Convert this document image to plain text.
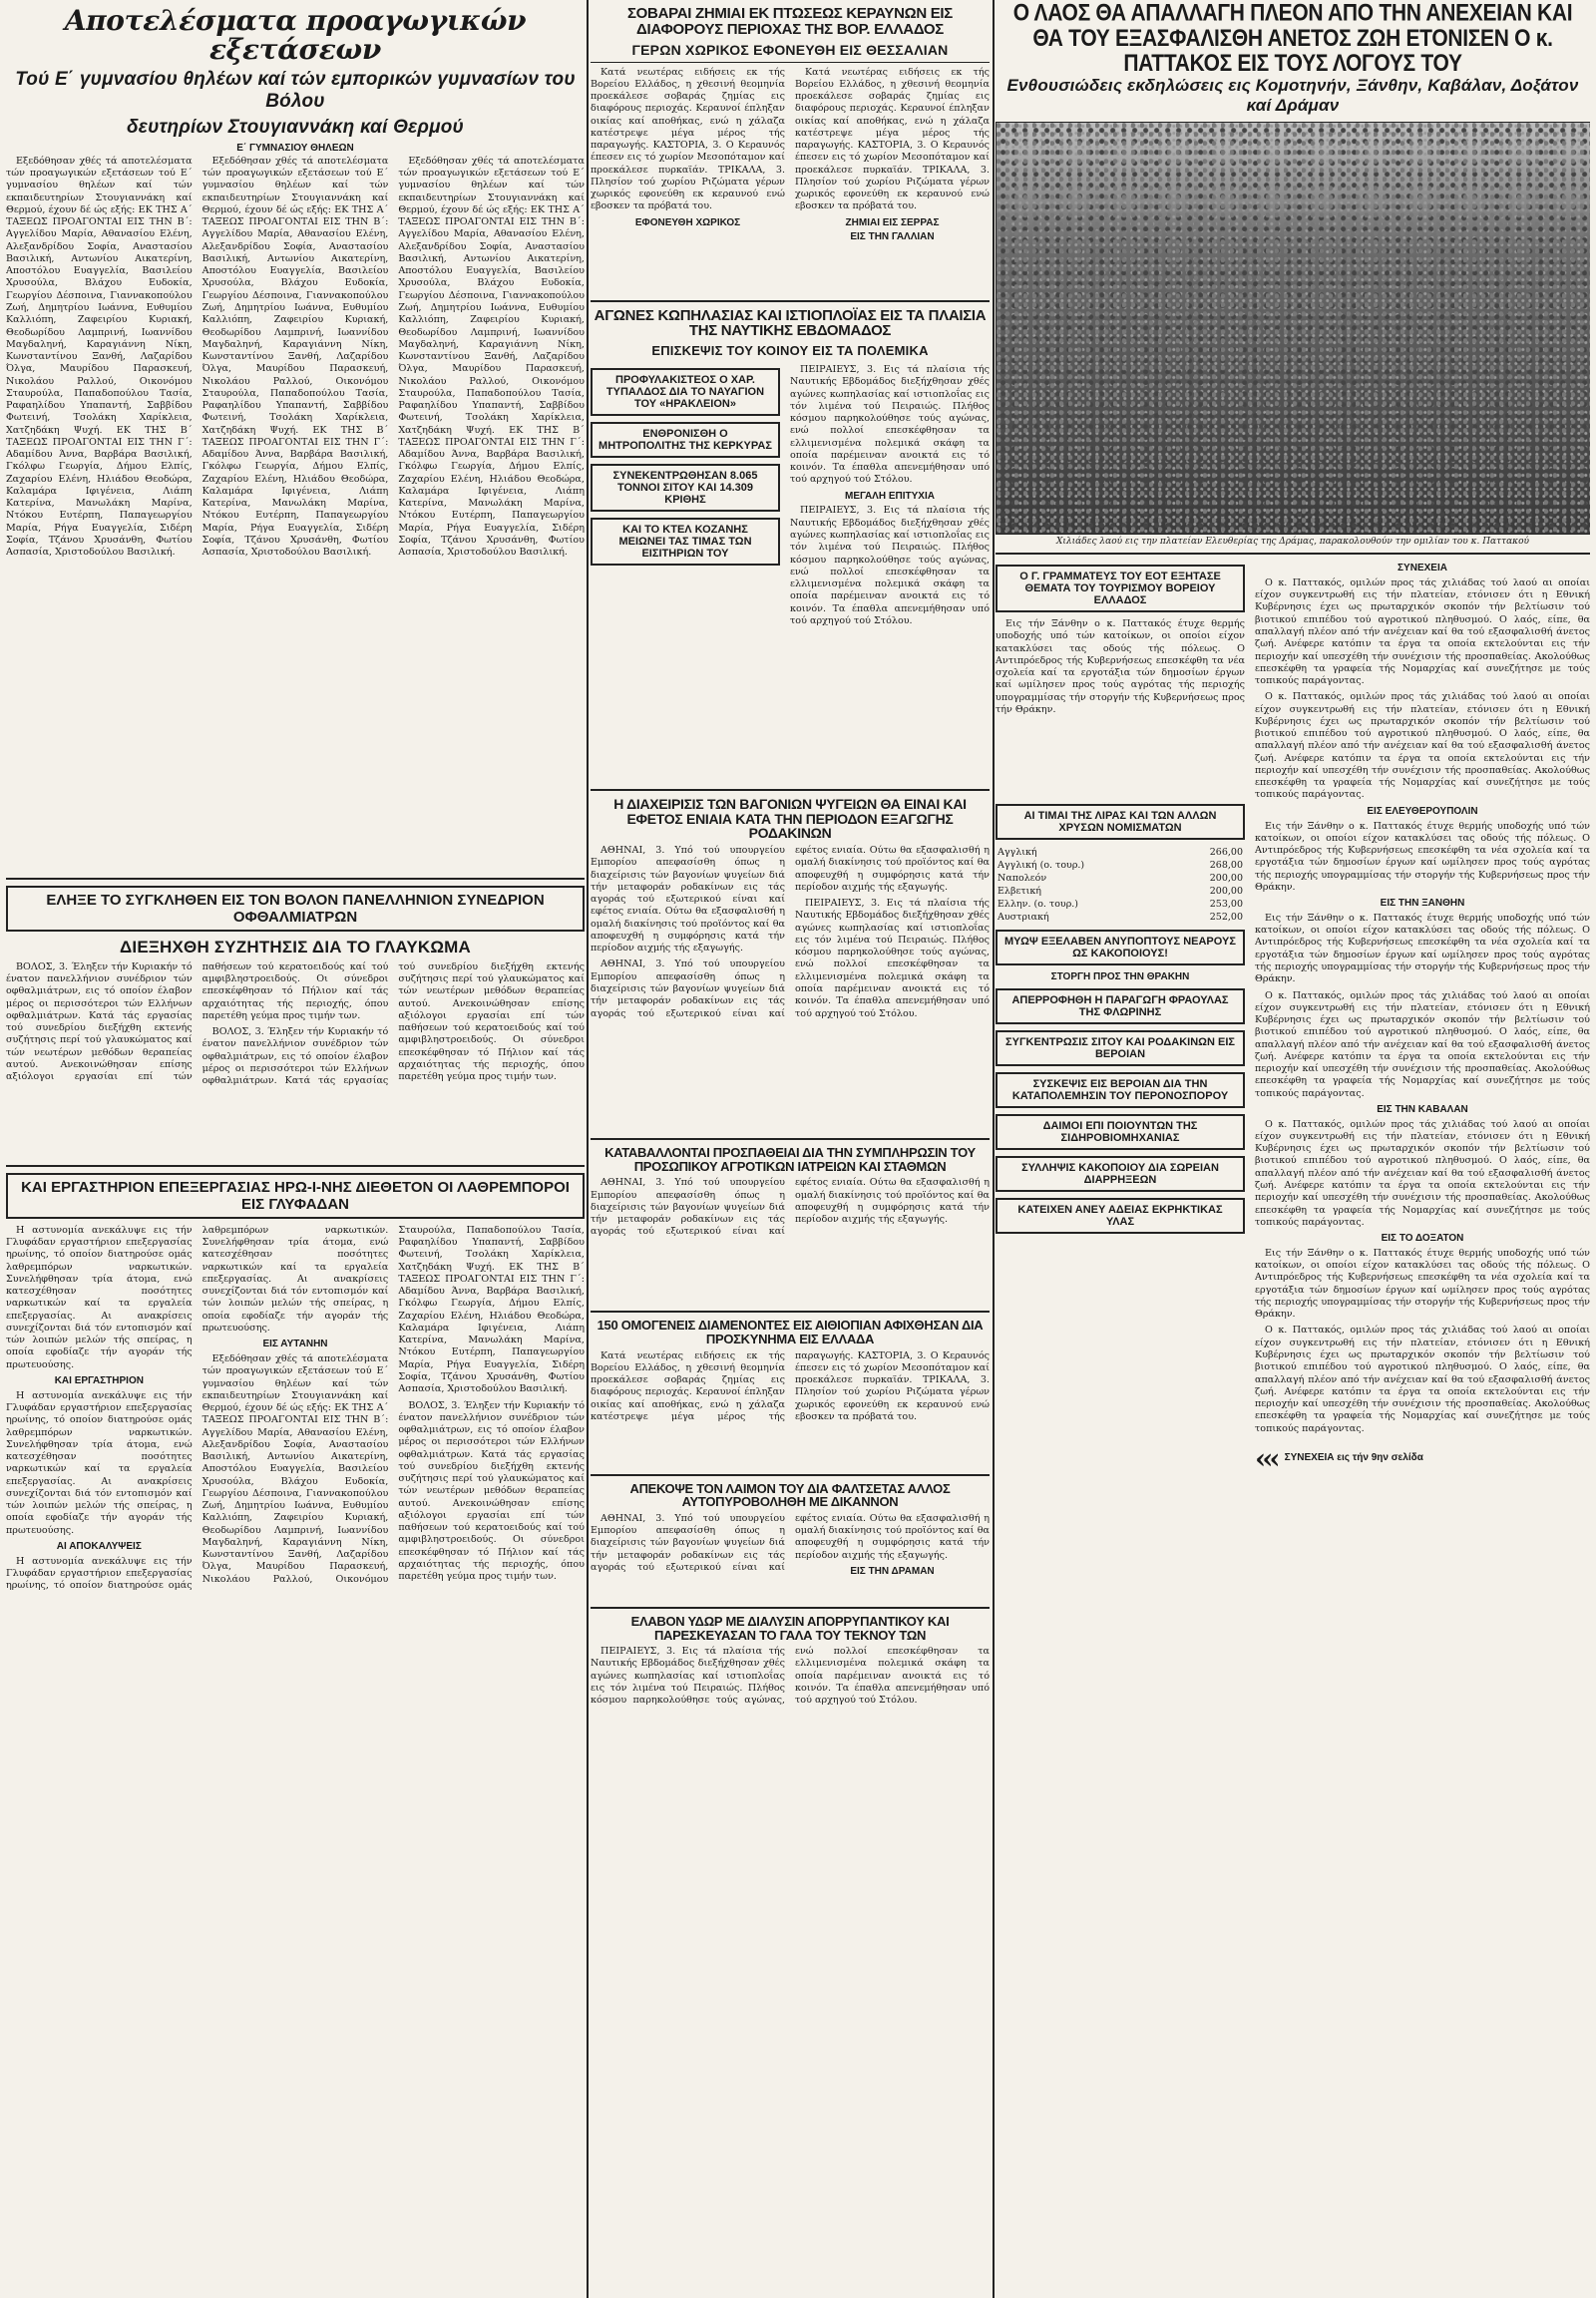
Αποτελέσματα προαγωγικών εξετάσεων
Τού Ε΄ γυμνασίου θηλέων καί τών εμπορικών γυμνασίων του Βόλου
δευτηρίων Στουγιαννάκη καί Θερμού
Ε΄ ΓΥΜΝΑΣΙΟΥ ΘΗΛΕΩΝ

Εξεδόθησαν χθές τά αποτελέσματα τών προαγωγικών εξετάσεων τού Ε΄ γυμνασίου θηλέων καί τών εκπαιδευτηρίων Στουγιαννάκη καί Θερμού, έχουν δέ ώς εξής: ΕΚ ΤΗΣ Α΄ ΤΑΞΕΩΣ ΠΡΟΑΓΟΝΤΑΙ ΕΙΣ ΤΗΝ Β΄: Αγγελίδου Μαρία, Αθανασίου Ελένη, Αλεξανδρίδου Σοφία, Αναστασίου Βασιλική, Αντωνίου Αικατερίνη, Αποστόλου Ευαγγελία, Βασιλείου Χρυσούλα, Βλάχου Ευδοκία, Γεωργίου Δέσποινα, Γιαννακοπούλου Ζωή, Δημητρίου Ιωάννα, Ευθυμίου Καλλιόπη, Ζαφειρίου Κυριακή, Θεοδωρίδου Λαμπρινή, Ιωαννίδου Μαγδαληνή, Καραγιάννη Νίκη, Κωνσταντίνου Ξανθή, Λαζαρίδου Όλγα, Μαυρίδου Παρασκευή, Νικολάου Ραλλού, Οικονόμου Σταυρούλα, Παπαδοπούλου Τασία, Ραφαηλίδου Υπαπαντή, Σαββίδου Φωτεινή, Τσολάκη Χαρίκλεια, Χατζηδάκη Ψυχή. ΕΚ ΤΗΣ Β΄ ΤΑΞΕΩΣ ΠΡΟΑΓΟΝΤΑΙ ΕΙΣ ΤΗΝ Γ΄: Αδαμίδου Άννα, Βαρβάρα Βασιλική, Γκόλφω Γεωργία, Δήμου Ελπίς, Ζαχαρίου Ελένη, Ηλιάδου Θεοδώρα, Καλαμάρα Ιφιγένεια, Λιάπη Κατερίνα, Μανωλάκη Μαρίνα, Ντόκου Ευτέρπη, Παπαγεωργίου Μαρία, Ρήγα Ευαγγελία, Σιδέρη Σοφία, Τζάνου Χρυσάνθη, Φωτίου Ασπασία, Χριστοδούλου Βασιλική.

Εξεδόθησαν χθές τά αποτελέσματα τών προαγωγικών εξετάσεων τού Ε΄ γυμνασίου θηλέων καί τών εκπαιδευτηρίων Στουγιαννάκη καί Θερμού, έχουν δέ ώς εξής: ΕΚ ΤΗΣ Α΄ ΤΑΞΕΩΣ ΠΡΟΑΓΟΝΤΑΙ ΕΙΣ ΤΗΝ Β΄: Αγγελίδου Μαρία, Αθανασίου Ελένη, Αλεξανδρίδου Σοφία, Αναστασίου Βασιλική, Αντωνίου Αικατερίνη, Αποστόλου Ευαγγελία, Βασιλείου Χρυσούλα, Βλάχου Ευδοκία, Γεωργίου Δέσποινα, Γιαννακοπούλου Ζωή, Δημητρίου Ιωάννα, Ευθυμίου Καλλιόπη, Ζαφειρίου Κυριακή, Θεοδωρίδου Λαμπρινή, Ιωαννίδου Μαγδαληνή, Καραγιάννη Νίκη, Κωνσταντίνου Ξανθή, Λαζαρίδου Όλγα, Μαυρίδου Παρασκευή, Νικολάου Ραλλού, Οικονόμου Σταυρούλα, Παπαδοπούλου Τασία, Ραφαηλίδου Υπαπαντή, Σαββίδου Φωτεινή, Τσολάκη Χαρίκλεια, Χατζηδάκη Ψυχή. ΕΚ ΤΗΣ Β΄ ΤΑΞΕΩΣ ΠΡΟΑΓΟΝΤΑΙ ΕΙΣ ΤΗΝ Γ΄: Αδαμίδου Άννα, Βαρβάρα Βασιλική, Γκόλφω Γεωργία, Δήμου Ελπίς, Ζαχαρίου Ελένη, Ηλιάδου Θεοδώρα, Καλαμάρα Ιφιγένεια, Λιάπη Κατερίνα, Μανωλάκη Μαρίνα, Ντόκου Ευτέρπη, Παπαγεωργίου Μαρία, Ρήγα Ευαγγελία, Σιδέρη Σοφία, Τζάνου Χρυσάνθη, Φωτίου Ασπασία, Χριστοδούλου Βασιλική.

Εξεδόθησαν χθές τά αποτελέσματα τών προαγωγικών εξετάσεων τού Ε΄ γυμνασίου θηλέων καί τών εκπαιδευτηρίων Στουγιαννάκη καί Θερμού, έχουν δέ ώς εξής: ΕΚ ΤΗΣ Α΄ ΤΑΞΕΩΣ ΠΡΟΑΓΟΝΤΑΙ ΕΙΣ ΤΗΝ Β΄: Αγγελίδου Μαρία, Αθανασίου Ελένη, Αλεξανδρίδου Σοφία, Αναστασίου Βασιλική, Αντωνίου Αικατερίνη, Αποστόλου Ευαγγελία, Βασιλείου Χρυσούλα, Βλάχου Ευδοκία, Γεωργίου Δέσποινα, Γιαννακοπούλου Ζωή, Δημητρίου Ιωάννα, Ευθυμίου Καλλιόπη, Ζαφειρίου Κυριακή, Θεοδωρίδου Λαμπρινή, Ιωαννίδου Μαγδαληνή, Καραγιάννη Νίκη, Κωνσταντίνου Ξανθή, Λαζαρίδου Όλγα, Μαυρίδου Παρασκευή, Νικολάου Ραλλού, Οικονόμου Σταυρούλα, Παπαδοπούλου Τασία, Ραφαηλίδου Υπαπαντή, Σαββίδου Φωτεινή, Τσολάκη Χαρίκλεια, Χατζηδάκη Ψυχή. ΕΚ ΤΗΣ Β΄ ΤΑΞΕΩΣ ΠΡΟΑΓΟΝΤΑΙ ΕΙΣ ΤΗΝ Γ΄: Αδαμίδου Άννα, Βαρβάρα Βασιλική, Γκόλφω Γεωργία, Δήμου Ελπίς, Ζαχαρίου Ελένη, Ηλιάδου Θεοδώρα, Καλαμάρα Ιφιγένεια, Λιάπη Κατερίνα, Μανωλάκη Μαρίνα, Ντόκου Ευτέρπη, Παπαγεωργίου Μαρία, Ρήγα Ευαγγελία, Σιδέρη Σοφία, Τζάνου Χρυσάνθη, Φωτίου Ασπασία, Χριστοδούλου Βασιλική.

ΕΛΗΞΕ ΤΟ ΣΥΓΚΛΗΘΕΝ ΕΙΣ ΤΟΝ ΒΟΛΟΝ ΠΑΝΕΛΛΗΝΙΟΝ ΣΥΝΕΔΡΙΟΝ ΟΦΘΑΛΜΙΑΤΡΩΝ
ΔΙΕΞΗΧΘΗ ΣΥΖΗΤΗΣΙΣ ΔΙΑ ΤΟ ΓΛΑΥΚΩΜΑ

ΒΟΛΟΣ, 3. Έληξεν τήν Κυριακήν τό ένατον πανελλήνιον συνέδριον τών οφθαλμιάτρων, εις τό οποίον έλαβον μέρος οι περισσότεροι τών Ελλήνων οφθαλμιάτρων. Κατά τάς εργασίας τού συνεδρίου διεξήχθη εκτενής συζήτησις περί τού γλαυκώματος καί τών νεωτέρων μεθόδων θεραπείας αυτού. Ανεκοινώθησαν επίσης αξιόλογοι εργασίαι επί τών παθήσεων τού κερατοειδούς καί τού αμφιβληστροειδούς. Οι σύνεδροι επεσκέφθησαν τό Πήλιον καί τάς αρχαιότητας τής περιοχής, όπου παρετέθη γεύμα προς τιμήν των.

ΒΟΛΟΣ, 3. Έληξεν τήν Κυριακήν τό ένατον πανελλήνιον συνέδριον τών οφθαλμιάτρων, εις τό οποίον έλαβον μέρος οι περισσότεροι τών Ελλήνων οφθαλμιάτρων. Κατά τάς εργασίας τού συνεδρίου διεξήχθη εκτενής συζήτησις περί τού γλαυκώματος καί τών νεωτέρων μεθόδων θεραπείας αυτού. Ανεκοινώθησαν επίσης αξιόλογοι εργασίαι επί τών παθήσεων τού κερατοειδούς καί τού αμφιβληστροειδούς. Οι σύνεδροι επεσκέφθησαν τό Πήλιον καί τάς αρχαιότητας τής περιοχής, όπου παρετέθη γεύμα προς τιμήν των.

ΚΑΙ ΕΡΓΑΣΤΗΡΙΟΝ ΕΠΕΞΕΡΓΑΣΙΑΣ ΗΡΩ-Ι-ΝΗΣ ΔΙΕΘΕΤΟΝ ΟΙ ΛΑΘΡΕΜΠΟΡΟΙ ΕΙΣ ΓΛΥΦΑΔΑΝ

Η αστυνομία ανεκάλυψε εις τήν Γλυφάδαν εργαστήριον επεξεργασίας ηρωίνης, τό οποίον διατηρούσε ομάς λαθρεμπόρων ναρκωτικών. Συνελήφθησαν τρία άτομα, ενώ κατεσχέθησαν ποσότητες ναρκωτικών καί τα εργαλεία επεξεργασίας. Αι ανακρίσεις συνεχίζονται διά τόν εντοπισμόν καί τών λοιπών μελών τής σπείρας, η οποία εφοδίαζε τήν αγοράν τής πρωτευούσης.

ΚΑΙ ΕΡΓΑΣΤΗΡΙΟΝ

Η αστυνομία ανεκάλυψε εις τήν Γλυφάδαν εργαστήριον επεξεργασίας ηρωίνης, τό οποίον διατηρούσε ομάς λαθρεμπόρων ναρκωτικών. Συνελήφθησαν τρία άτομα, ενώ κατεσχέθησαν ποσότητες ναρκωτικών καί τα εργαλεία επεξεργασίας. Αι ανακρίσεις συνεχίζονται διά τόν εντοπισμόν καί τών λοιπών μελών τής σπείρας, η οποία εφοδίαζε τήν αγοράν τής πρωτευούσης.

ΑΙ ΑΠΟΚΑΛΥΨΕΙΣ

Η αστυνομία ανεκάλυψε εις τήν Γλυφάδαν εργαστήριον επεξεργασίας ηρωίνης, τό οποίον διατηρούσε ομάς λαθρεμπόρων ναρκωτικών. Συνελήφθησαν τρία άτομα, ενώ κατεσχέθησαν ποσότητες ναρκωτικών καί τα εργαλεία επεξεργασίας. Αι ανακρίσεις συνεχίζονται διά τόν εντοπισμόν καί τών λοιπών μελών τής σπείρας, η οποία εφοδίαζε τήν αγοράν τής πρωτευούσης.

ΕΙΣ ΑΥΤΑΝΗΝ

Εξεδόθησαν χθές τά αποτελέσματα τών προαγωγικών εξετάσεων τού Ε΄ γυμνασίου θηλέων καί τών εκπαιδευτηρίων Στουγιαννάκη καί Θερμού, έχουν δέ ώς εξής: ΕΚ ΤΗΣ Α΄ ΤΑΞΕΩΣ ΠΡΟΑΓΟΝΤΑΙ ΕΙΣ ΤΗΝ Β΄: Αγγελίδου Μαρία, Αθανασίου Ελένη, Αλεξανδρίδου Σοφία, Αναστασίου Βασιλική, Αντωνίου Αικατερίνη, Αποστόλου Ευαγγελία, Βασιλείου Χρυσούλα, Βλάχου Ευδοκία, Γεωργίου Δέσποινα, Γιαννακοπούλου Ζωή, Δημητρίου Ιωάννα, Ευθυμίου Καλλιόπη, Ζαφειρίου Κυριακή, Θεοδωρίδου Λαμπρινή, Ιωαννίδου Μαγδαληνή, Καραγιάννη Νίκη, Κωνσταντίνου Ξανθή, Λαζαρίδου Όλγα, Μαυρίδου Παρασκευή, Νικολάου Ραλλού, Οικονόμου Σταυρούλα, Παπαδοπούλου Τασία, Ραφαηλίδου Υπαπαντή, Σαββίδου Φωτεινή, Τσολάκη Χαρίκλεια, Χατζηδάκη Ψυχή. ΕΚ ΤΗΣ Β΄ ΤΑΞΕΩΣ ΠΡΟΑΓΟΝΤΑΙ ΕΙΣ ΤΗΝ Γ΄: Αδαμίδου Άννα, Βαρβάρα Βασιλική, Γκόλφω Γεωργία, Δήμου Ελπίς, Ζαχαρίου Ελένη, Ηλιάδου Θεοδώρα, Καλαμάρα Ιφιγένεια, Λιάπη Κατερίνα, Μανωλάκη Μαρίνα, Ντόκου Ευτέρπη, Παπαγεωργίου Μαρία, Ρήγα Ευαγγελία, Σιδέρη Σοφία, Τζάνου Χρυσάνθη, Φωτίου Ασπασία, Χριστοδούλου Βασιλική.

ΒΟΛΟΣ, 3. Έληξεν τήν Κυριακήν τό ένατον πανελλήνιον συνέδριον τών οφθαλμιάτρων, εις τό οποίον έλαβον μέρος οι περισσότεροι τών Ελλήνων οφθαλμιάτρων. Κατά τάς εργασίας τού συνεδρίου διεξήχθη εκτενής συζήτησις περί τού γλαυκώματος καί τών νεωτέρων μεθόδων θεραπείας αυτού. Ανεκοινώθησαν επίσης αξιόλογοι εργασίαι επί τών παθήσεων τού κερατοειδούς καί τού αμφιβληστροειδούς. Οι σύνεδροι επεσκέφθησαν τό Πήλιον καί τάς αρχαιότητας τής περιοχής, όπου παρετέθη γεύμα προς τιμήν των.

ΣΟΒΑΡΑΙ ΖΗΜΙΑΙ ΕΚ ΠΤΩΣΕΩΣ ΚΕΡΑΥΝΩΝ ΕΙΣ ΔΙΑΦΟΡΟΥΣ ΠΕΡΙΟΧΑΣ ΤΗΣ ΒΟΡ. ΕΛΛΑΔΟΣ
ΓΕΡΩΝ ΧΩΡΙΚΟΣ ΕΦΟΝΕΥΘΗ ΕΙΣ ΘΕΣΣΑΛΙΑΝ

Κατά νεωτέρας ειδήσεις εκ τής Βορείου Ελλάδος, η χθεσινή θεομηνία προεκάλεσε σοβαράς ζημίας εις διαφόρους περιοχάς. Κεραυνοί έπληξαν οικίας καί αποθήκας, ενώ η χάλαζα κατέστρεψε μέγα μέρος τής παραγωγής. ΚΑΣΤΟΡΙΑ, 3. Ο Κεραυνός έπεσεν εις τό χωρίον Μεσοπόταμον καί προεκάλεσε πυρκαϊάν. ΤΡΙΚΑΛΑ, 3. Πλησίον τού χωρίου Ριζώματα γέρων χωρικός εφονεύθη εκ κεραυνού ενώ εβοσκεν τα πρόβατά του.

ΕΦΟΝΕΥΘΗ ΧΩΡΙΚΟΣ

Κατά νεωτέρας ειδήσεις εκ τής Βορείου Ελλάδος, η χθεσινή θεομηνία προεκάλεσε σοβαράς ζημίας εις διαφόρους περιοχάς. Κεραυνοί έπληξαν οικίας καί αποθήκας, ενώ η χάλαζα κατέστρεψε μέγα μέρος τής παραγωγής. ΚΑΣΤΟΡΙΑ, 3. Ο Κεραυνός έπεσεν εις τό χωρίον Μεσοπόταμον καί προεκάλεσε πυρκαϊάν. ΤΡΙΚΑΛΑ, 3. Πλησίον τού χωρίου Ριζώματα γέρων χωρικός εφονεύθη εκ κεραυνού ενώ εβοσκεν τα πρόβατά του.

ΖΗΜΙΑΙ ΕΙΣ ΣΕΡΡΑΣ
ΕΙΣ ΤΗΝ ΓΑΛΛΙΑΝ
ΑΓΩΝΕΣ ΚΩΠΗΛΑΣΙΑΣ ΚΑΙ ΙΣΤΙΟΠΛΟΪΑΣ ΕΙΣ ΤΑ ΠΛΑΙΣΙΑ ΤΗΣ ΝΑΥΤΙΚΗΣ ΕΒΔΟΜΑΔΟΣ
ΕΠΙΣΚΕΨΙΣ ΤΟΥ ΚΟΙΝΟΥ ΕΙΣ ΤΑ ΠΟΛΕΜΙΚΑ
ΠΡΟΦΥΛΑΚΙΣΤΕΟΣ Ο ΧΑΡ. ΤΥΠΑΛΔΟΣ ΔΙΑ ΤΟ ΝΑΥΑΓΙΟΝ ΤΟΥ «ΗΡΑΚΛΕΙΟΝ»
ΕΝΘΡΟΝΙΣΘΗ Ο ΜΗΤΡΟΠΟΛΙΤΗΣ ΤΗΣ ΚΕΡΚΥΡΑΣ
ΣΥΝΕΚΕΝΤΡΩΘΗΣΑΝ 8.065 ΤΟΝΝΟΙ ΣΙΤΟΥ ΚΑΙ 14.309 ΚΡΙΘΗΣ
ΚΑΙ ΤΟ ΚΤΕΛ ΚΟΖΑΝΗΣ ΜΕΙΩΝΕΙ ΤΑΣ ΤΙΜΑΣ ΤΩΝ ΕΙΣΙΤΗΡΙΩΝ ΤΟΥ

ΠΕΙΡΑΙΕΥΣ, 3. Εις τά πλαίσια τής Ναυτικής Εβδομάδος διεξήχθησαν χθές αγώνες κωπηλασίας καί ιστιοπλοΐας εις τόν λιμένα τού Πειραιώς. Πλήθος κόσμου παρηκολούθησε τούς αγώνας, ενώ πολλοί επεσκέφθησαν τα ελλιμενισμένα πολεμικά σκάφη τα οποία παρέμειναν ανοικτά εις τό κοινόν. Τα έπαθλα απενεμήθησαν υπό τού αρχηγού τού Στόλου.

ΜΕΓΑΛΗ ΕΠΙΤΥΧΙΑ

ΠΕΙΡΑΙΕΥΣ, 3. Εις τά πλαίσια τής Ναυτικής Εβδομάδος διεξήχθησαν χθές αγώνες κωπηλασίας καί ιστιοπλοΐας εις τόν λιμένα τού Πειραιώς. Πλήθος κόσμου παρηκολούθησε τούς αγώνας, ενώ πολλοί επεσκέφθησαν τα ελλιμενισμένα πολεμικά σκάφη τα οποία παρέμειναν ανοικτά εις τό κοινόν. Τα έπαθλα απενεμήθησαν υπό τού αρχηγού τού Στόλου.

Η ΔΙΑΧΕΙΡΙΣΙΣ ΤΩΝ ΒΑΓΟΝΙΩΝ ΨΥΓΕΙΩΝ ΘΑ ΕΙΝΑΙ ΚΑΙ ΕΦΕΤΟΣ ΕΝΙΑΙΑ ΚΑΤΑ ΤΗΝ ΠΕΡΙΟΔΟΝ ΕΞΑΓΩΓΗΣ ΡΟΔΑΚΙΝΩΝ

ΑΘΗΝΑΙ, 3. Υπό τού υπουργείου Εμπορίου απεφασίσθη όπως η διαχείρισις τών βαγονίων ψυγείων διά τήν μεταφοράν ροδακίνων εις τάς αγοράς τού εξωτερικού είναι καί εφέτος ενιαία. Ούτω θα εξασφαλισθή η ομαλή διακίνησις τού προϊόντος καί θα αποφευχθή η συμφόρησις κατά τήν περίοδον αιχμής τής εξαγωγής.

ΑΘΗΝΑΙ, 3. Υπό τού υπουργείου Εμπορίου απεφασίσθη όπως η διαχείρισις τών βαγονίων ψυγείων διά τήν μεταφοράν ροδακίνων εις τάς αγοράς τού εξωτερικού είναι καί εφέτος ενιαία. Ούτω θα εξασφαλισθή η ομαλή διακίνησις τού προϊόντος καί θα αποφευχθή η συμφόρησις κατά τήν περίοδον αιχμής τής εξαγωγής.

ΠΕΙΡΑΙΕΥΣ, 3. Εις τά πλαίσια τής Ναυτικής Εβδομάδος διεξήχθησαν χθές αγώνες κωπηλασίας καί ιστιοπλοΐας εις τόν λιμένα τού Πειραιώς. Πλήθος κόσμου παρηκολούθησε τούς αγώνας, ενώ πολλοί επεσκέφθησαν τα ελλιμενισμένα πολεμικά σκάφη τα οποία παρέμειναν ανοικτά εις τό κοινόν. Τα έπαθλα απενεμήθησαν υπό τού αρχηγού τού Στόλου.

ΚΑΤΑΒΑΛΛΟΝΤΑΙ ΠΡΟΣΠΑΘΕΙΑΙ ΔΙΑ ΤΗΝ ΣΥΜΠΛΗΡΩΣΙΝ ΤΟΥ ΠΡΟΣΩΠΙΚΟΥ ΑΓΡΟΤΙΚΩΝ ΙΑΤΡΕΙΩΝ ΚΑΙ ΣΤΑΘΜΩΝ

ΑΘΗΝΑΙ, 3. Υπό τού υπουργείου Εμπορίου απεφασίσθη όπως η διαχείρισις τών βαγονίων ψυγείων διά τήν μεταφοράν ροδακίνων εις τάς αγοράς τού εξωτερικού είναι καί εφέτος ενιαία. Ούτω θα εξασφαλισθή η ομαλή διακίνησις τού προϊόντος καί θα αποφευχθή η συμφόρησις κατά τήν περίοδον αιχμής τής εξαγωγής.

150 ΟΜΟΓΕΝΕΙΣ ΔΙΑΜΕΝΟΝΤΕΣ ΕΙΣ ΑΙΘΙΟΠΙΑΝ ΑΦΙΧΘΗΣΑΝ ΔΙΑ ΠΡΟΣΚΥΝΗΜΑ ΕΙΣ ΕΛΛΑΔΑ

Κατά νεωτέρας ειδήσεις εκ τής Βορείου Ελλάδος, η χθεσινή θεομηνία προεκάλεσε σοβαράς ζημίας εις διαφόρους περιοχάς. Κεραυνοί έπληξαν οικίας καί αποθήκας, ενώ η χάλαζα κατέστρεψε μέγα μέρος τής παραγωγής. ΚΑΣΤΟΡΙΑ, 3. Ο Κεραυνός έπεσεν εις τό χωρίον Μεσοπόταμον καί προεκάλεσε πυρκαϊάν. ΤΡΙΚΑΛΑ, 3. Πλησίον τού χωρίου Ριζώματα γέρων χωρικός εφονεύθη εκ κεραυνού ενώ εβοσκεν τα πρόβατά του.

ΑΠΕΚΟΨΕ ΤΟΝ ΛΑΙΜΟΝ ΤΟΥ ΔΙΑ ΦΑΛΤΣΕΤΑΣ ΑΛΛΟΣ ΑΥΤΟΠΥΡΟΒΟΛΗΘΗ ΜΕ ΔΙΚΑΝΝΟΝ

ΑΘΗΝΑΙ, 3. Υπό τού υπουργείου Εμπορίου απεφασίσθη όπως η διαχείρισις τών βαγονίων ψυγείων διά τήν μεταφοράν ροδακίνων εις τάς αγοράς τού εξωτερικού είναι καί εφέτος ενιαία. Ούτω θα εξασφαλισθή η ομαλή διακίνησις τού προϊόντος καί θα αποφευχθή η συμφόρησις κατά τήν περίοδον αιχμής τής εξαγωγής.

ΕΙΣ ΤΗΝ ΔΡΑΜΑΝ
ΕΛΑΒΟΝ ΥΔΩΡ ΜΕ ΔΙΑΛΥΣΙΝ ΑΠΟΡΡΥΠΑΝΤΙΚΟΥ ΚΑΙ ΠΑΡΕΣΚΕΥΑΣΑΝ ΤΟ ΓΑΛΑ ΤΟΥ ΤΕΚΝΟΥ ΤΩΝ

ΠΕΙΡΑΙΕΥΣ, 3. Εις τά πλαίσια τής Ναυτικής Εβδομάδος διεξήχθησαν χθές αγώνες κωπηλασίας καί ιστιοπλοΐας εις τόν λιμένα τού Πειραιώς. Πλήθος κόσμου παρηκολούθησε τούς αγώνας, ενώ πολλοί επεσκέφθησαν τα ελλιμενισμένα πολεμικά σκάφη τα οποία παρέμειναν ανοικτά εις τό κοινόν. Τα έπαθλα απενεμήθησαν υπό τού αρχηγού τού Στόλου.

Ο ΛΑΟΣ ΘΑ ΑΠΑΛΛΑΓΗ ΠΛΕΟΝ ΑΠΟ ΤΗΝ ΑΝΕΧΕΙΑΝ ΚΑΙ ΘΑ ΤΟΥ ΕΞΑΣΦΑΛΙΣΘΗ ΑΝΕΤΟΣ ΖΩΗ ΕΤΟΝΙΣΕΝ Ο κ. ΠΑΤΤΑΚΟΣ ΕΙΣ ΤΟΥΣ ΛΟΓΟΥΣ ΤΟΥ
Ενθουσιώδεις εκδηλώσεις εις Κομοτηνήν, Ξάνθην, Καβάλαν, Δοξάτον καί Δράμαν
Χιλιάδες λαού εις την πλατείαν Ελευθερίας της Δράμας, παρακολουθούν την ομιλίαν του κ. Παττακού
Ο Γ. ΓΡΑΜΜΑΤΕΥΣ ΤΟΥ ΕΟΤ ΕΞΗΤΑΣΕ ΘΕΜΑΤΑ ΤΟΥ ΤΟΥΡΙΣΜΟΥ ΒΟΡΕΙΟΥ ΕΛΛΑΔΟΣ

Εις τήν Ξάνθην ο κ. Παττακός έτυχε θερμής υποδοχής υπό τών κατοίκων, οι οποίοι είχον κατακλύσει τας οδούς τής πόλεως. Ο Αντιπρόεδρος τής Κυβερνήσεως επεσκέφθη τα νέα σχολεία καί τα εργοτάξια τών δημοσίων έργων καί ωμίλησεν προς τούς αγρότας τής περιοχής υπογραμμίσας τήν στοργήν τής Κυβερνήσεως προς τήν Θράκην.

ΑΙ ΤΙΜΑΙ ΤΗΣ ΛΙΡΑΣ ΚΑΙ ΤΩΝ ΑΛΛΩΝ ΧΡΥΣΩΝ ΝΟΜΙΣΜΑΤΩΝ
Αγγλική	266,00
Αγγλική (ο. τουρ.)	268,00
Ναπολεόν	200,00
Ελβετική	200,00
Ελλην. (ο. τουρ.)	253,00
Αυστριακή	252,00
ΜΥΩΨ ΕΞΕΛΑΒΕΝ ΑΝΥΠΟΠΤΟΥΣ ΝΕΑΡΟΥΣ ΩΣ ΚΑΚΟΠΟΙΟΥΣ!
ΣΤΟΡΓΗ ΠΡΟΣ ΤΗΝ ΘΡΑΚΗΝ
ΑΠΕΡΡΟΦΗΘΗ Η ΠΑΡΑΓΩΓΗ ΦΡΑΟΥΛΑΣ ΤΗΣ ΦΛΩΡΙΝΗΣ
ΣΥΓΚΕΝΤΡΩΣΙΣ ΣΙΤΟΥ ΚΑΙ ΡΟΔΑΚΙΝΩΝ ΕΙΣ ΒΕΡΟΙΑΝ
ΣΥΣΚΕΨΙΣ ΕΙΣ ΒΕΡΟΙΑΝ ΔΙΑ ΤΗΝ ΚΑΤΑΠΟΛΕΜΗΣΙΝ ΤΟΥ ΠΕΡΟΝΟΣΠΟΡΟΥ
ΔΑΙΜΟΙ ΕΠΙ ΠΟΙΟΥΝΤΩΝ ΤΗΣ ΣΙΔΗΡΟΒΙΟΜΗΧΑΝΙΑΣ
ΣΥΛΛΗΨΙΣ ΚΑΚΟΠΟΙΟΥ ΔΙΑ ΣΩΡΕΙΑΝ ΔΙΑΡΡΗΞΕΩΝ
ΚΑΤΕΙΧΕΝ ΑΝΕΥ ΑΔΕΙΑΣ ΕΚΡΗΚΤΙΚΑΣ ΥΛΑΣ
ΣΥΝΕΧΕΙΑ

Ο κ. Παττακός, ομιλών προς τάς χιλιάδας τού λαού αι οποίαι είχον συγκεντρωθή εις τήν πλατείαν, ετόνισεν ότι η Εθνική Κυβέρνησις έχει ως πρωταρχικόν σκοπόν τήν βελτίωσιν τού βιοτικού επιπέδου τού αγροτικού πληθυσμού. Ο λαός, είπε, θα απαλλαγή πλέον από τήν ανέχειαν καί θα τού εξασφαλισθή άνετος ζωή. Ανέφερε κατόπιν τα έργα τα οποία εκτελούνται εις τήν περιοχήν καί υπεσχέθη τήν συνέχισιν τής προσπαθείας. Ακολούθως επεσκέφθη τα γραφεία τής Νομαρχίας καί συνεζήτησε με τούς τοπικούς παράγοντας.

Ο κ. Παττακός, ομιλών προς τάς χιλιάδας τού λαού αι οποίαι είχον συγκεντρωθή εις τήν πλατείαν, ετόνισεν ότι η Εθνική Κυβέρνησις έχει ως πρωταρχικόν σκοπόν τήν βελτίωσιν τού βιοτικού επιπέδου τού αγροτικού πληθυσμού. Ο λαός, είπε, θα απαλλαγή πλέον από τήν ανέχειαν καί θα τού εξασφαλισθή άνετος ζωή. Ανέφερε κατόπιν τα έργα τα οποία εκτελούνται εις τήν περιοχήν καί υπεσχέθη τήν συνέχισιν τής προσπαθείας. Ακολούθως επεσκέφθη τα γραφεία τής Νομαρχίας καί συνεζήτησε με τούς τοπικούς παράγοντας.

ΕΙΣ ΕΛΕΥΘΕΡΟΥΠΟΛΙΝ

Εις τήν Ξάνθην ο κ. Παττακός έτυχε θερμής υποδοχής υπό τών κατοίκων, οι οποίοι είχον κατακλύσει τας οδούς τής πόλεως. Ο Αντιπρόεδρος τής Κυβερνήσεως επεσκέφθη τα νέα σχολεία καί τα εργοτάξια τών δημοσίων έργων καί ωμίλησεν προς τούς αγρότας τής περιοχής υπογραμμίσας τήν στοργήν τής Κυβερνήσεως προς τήν Θράκην.

ΕΙΣ ΤΗΝ ΞΑΝΘΗΝ

Εις τήν Ξάνθην ο κ. Παττακός έτυχε θερμής υποδοχής υπό τών κατοίκων, οι οποίοι είχον κατακλύσει τας οδούς τής πόλεως. Ο Αντιπρόεδρος τής Κυβερνήσεως επεσκέφθη τα νέα σχολεία καί τα εργοτάξια τών δημοσίων έργων καί ωμίλησεν προς τούς αγρότας τής περιοχής υπογραμμίσας τήν στοργήν τής Κυβερνήσεως προς τήν Θράκην.

Ο κ. Παττακός, ομιλών προς τάς χιλιάδας τού λαού αι οποίαι είχον συγκεντρωθή εις τήν πλατείαν, ετόνισεν ότι η Εθνική Κυβέρνησις έχει ως πρωταρχικόν σκοπόν τήν βελτίωσιν τού βιοτικού επιπέδου τού αγροτικού πληθυσμού. Ο λαός, είπε, θα απαλλαγή πλέον από τήν ανέχειαν καί θα τού εξασφαλισθή άνετος ζωή. Ανέφερε κατόπιν τα έργα τα οποία εκτελούνται εις τήν περιοχήν καί υπεσχέθη τήν συνέχισιν τής προσπαθείας. Ακολούθως επεσκέφθη τα γραφεία τής Νομαρχίας καί συνεζήτησε με τούς τοπικούς παράγοντας.

ΕΙΣ ΤΗΝ ΚΑΒΑΛΑΝ

Ο κ. Παττακός, ομιλών προς τάς χιλιάδας τού λαού αι οποίαι είχον συγκεντρωθή εις τήν πλατείαν, ετόνισεν ότι η Εθνική Κυβέρνησις έχει ως πρωταρχικόν σκοπόν τήν βελτίωσιν τού βιοτικού επιπέδου τού αγροτικού πληθυσμού. Ο λαός, είπε, θα απαλλαγή πλέον από τήν ανέχειαν καί θα τού εξασφαλισθή άνετος ζωή. Ανέφερε κατόπιν τα έργα τα οποία εκτελούνται εις τήν περιοχήν καί υπεσχέθη τήν συνέχισιν τής προσπαθείας. Ακολούθως επεσκέφθη τα γραφεία τής Νομαρχίας καί συνεζήτησε με τούς τοπικούς παράγοντας.

ΕΙΣ ΤΟ ΔΟΞΑΤΟΝ

Εις τήν Ξάνθην ο κ. Παττακός έτυχε θερμής υποδοχής υπό τών κατοίκων, οι οποίοι είχον κατακλύσει τας οδούς τής πόλεως. Ο Αντιπρόεδρος τής Κυβερνήσεως επεσκέφθη τα νέα σχολεία καί τα εργοτάξια τών δημοσίων έργων καί ωμίλησεν προς τούς αγρότας τής περιοχής υπογραμμίσας τήν στοργήν τής Κυβερνήσεως προς τήν Θράκην.

Ο κ. Παττακός, ομιλών προς τάς χιλιάδας τού λαού αι οποίαι είχον συγκεντρωθή εις τήν πλατείαν, ετόνισεν ότι η Εθνική Κυβέρνησις έχει ως πρωταρχικόν σκοπόν τήν βελτίωσιν τού βιοτικού επιπέδου τού αγροτικού πληθυσμού. Ο λαός, είπε, θα απαλλαγή πλέον από τήν ανέχειαν καί θα τού εξασφαλισθή άνετος ζωή. Ανέφερε κατόπιν τα έργα τα οποία εκτελούνται εις τήν περιοχήν καί υπεσχέθη τήν συνέχισιν τής προσπαθείας. Ακολούθως επεσκέφθη τα γραφεία τής Νομαρχίας καί συνεζήτησε με τούς τοπικούς παράγοντας.

‹‹‹ ΣΥΝΕΧΕΙΑ εις τήν 9ην σελίδα
